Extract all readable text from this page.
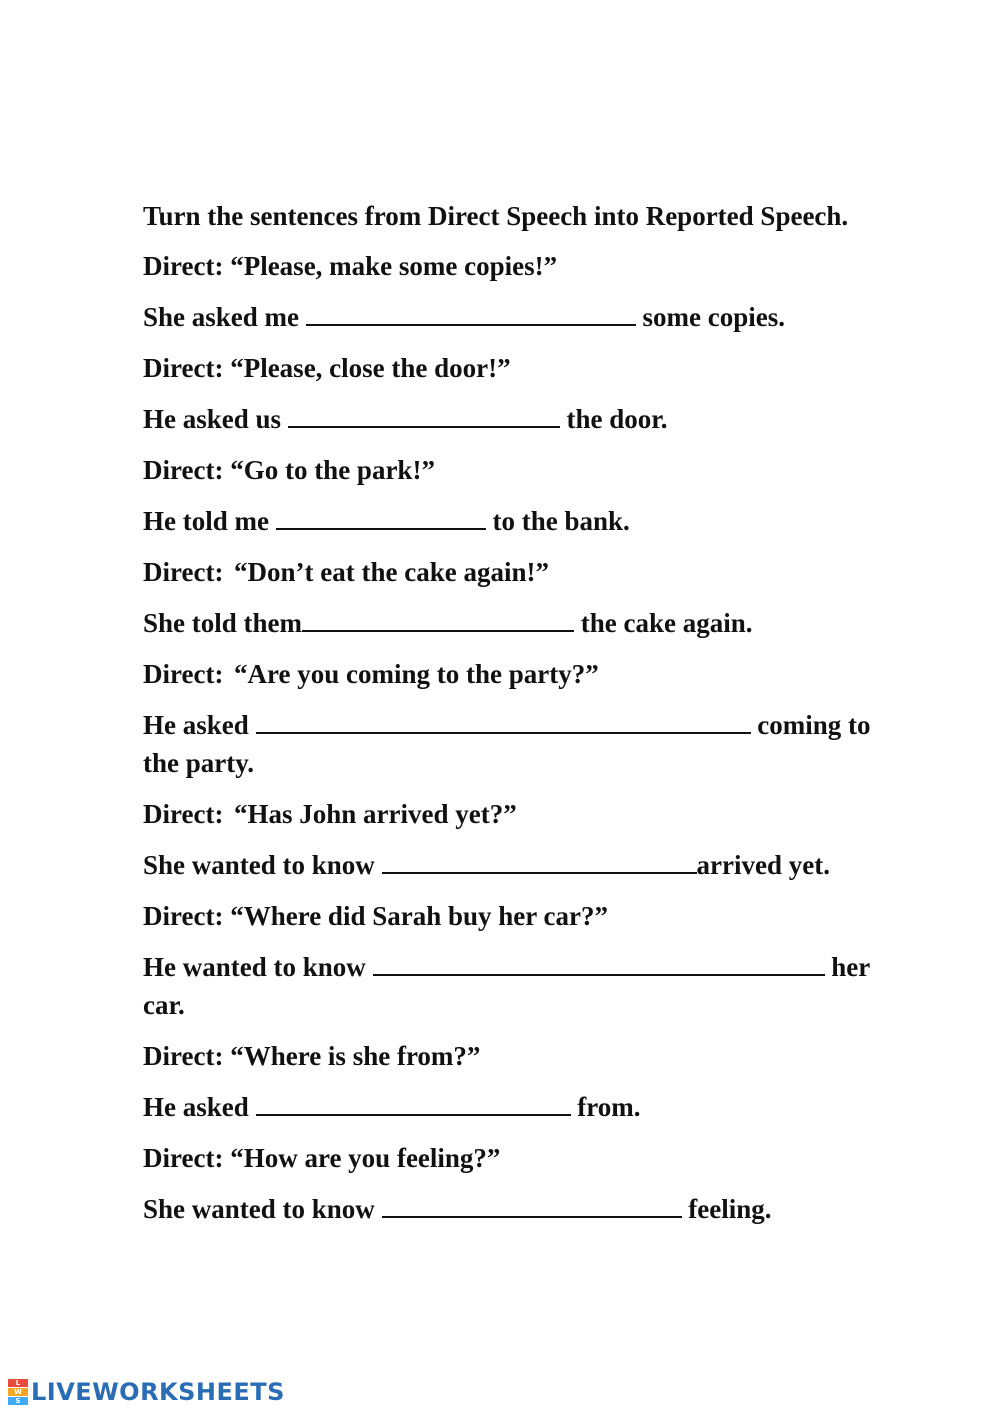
Turn the sentences from Direct Speech into Reported Speech.

Direct: “Please, make some copies!”
She asked me	some copies.
Direct: “Please, close the door!”
He asked us	the door.
Direct: “Go to the park!”
He told me	to the bank.
Direct: “Don’t eat the cake again!”
She told them	the cake again.
Direct: “Are you coming to the party?”
He asked	coming to the party.
Direct: “Has John arrived yet?”
She wanted to know	arrived yet.
Direct: “Where did Sarah buy her car?”
He wanted to know	her car.
Direct: “Where is she from?”
He asked	from.
Direct: “How are you feeling?”
She wanted to know	feeling.
L
W
S LIVEWORKSHEETS
